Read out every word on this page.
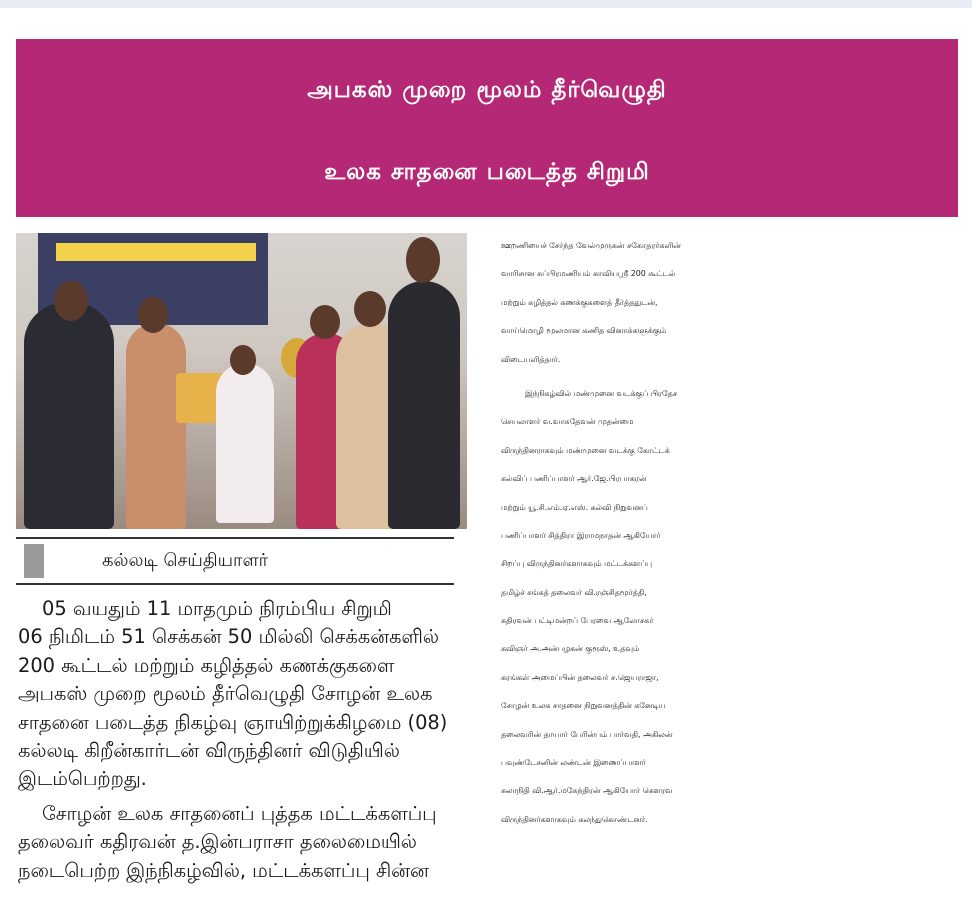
அபகஸ் முறை மூலம் தீர்வெழுதி
உலக சாதனை படைத்த சிறுமி
கல்லடி செய்தியாளர்
05 வயதும் 11 மாதமும் நிரம்பிய சிறுமி
06 நிமிடம் 51 செக்கன் 50 மில்லி செக்கன்களில்
200 கூட்டல் மற்றும் கழித்தல் கணக்குகளை
அபகஸ் முறை மூலம் தீர்வெழுதி சோழன் உலக
சாதனை படைத்த நிகழ்வு ஞாயிற்றுக்கிழமை (08)
கல்லடி கிறீன்கார்டன் விருந்தினர் விடுதியில்
இடம்பெற்றது.
சோழன் உலக சாதனைப் புத்தக மட்டக்களப்பு
தலைவர் கதிரவன் த.இன்பராசா தலைமையில்
நடைபெற்ற இந்நிகழ்வில், மட்டக்களப்பு சின்ன
ஊறணியைச் சேர்ந்த வேல்முருகன் சகோதரர்களின்
வாரிசான சுப்பிரமணியம் காவியஸ்ரீ 200 கூட்டல்
மற்றும் கழித்தல் கணக்குகளைத் தீர்த்ததுடன்,
வாய்மொழி மூலமான கணித வினாக்களுக்கும்
விடையளித்தார்.
இந்நிகழ்வில் மண்முனை வடக்குப் பிரதேச
செயலாளர் வ.வாசுதேவன் முதன்மை
விருந்தினராகவும் மண்முனை வடக்கு கோட்டக்
கல்விப் பணிப்பாளர் ஆர்.ஜே.பிரபாகரன்
மற்றும் யூ.சி.எம்.ஏ.எஸ். கல்வி நிறுவனப்
பணிப்பாளர் சித்திரா இராமநாதன் ஆகியோர்
சிறப்பு விருந்தினர்களாகவும் மட்டக்களப்பு
தமிழ்ச் சங்கத் தலைவர் வி.ரஞ்சிதமூர்த்தி,
கதிரவன் பட்டிமன்றப் பேரவை ஆலோசகர்
கவிஞர் அ.அன்பழகன் குரூஸ், உதவும்
கரங்கள் அமைப்பின் தலைவர் ச.ஜெயராஜா,
சோழன் உலக சாதனை நிறுவனத்தின் கனேடிய
தலைவரின் தாயார் பேரின்பம் பார்வதி, அகிலன்
பவுண்டேசனின் லண்டன் இணைப்பாளர்
கலாநிதி வி.ஆர்.மகேந்திரன் ஆகியோர் கௌரவ
விருந்தினர்களாகவும் கலந்துகொண்டனர்.
